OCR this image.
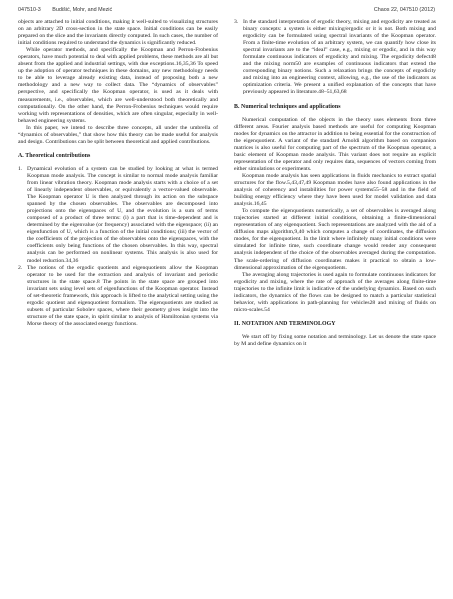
047510-3 Budišić, Mohr, and Mezić	Chaos 22, 047510 (2012)

objects are attached to initial conditions, making it well-suited to visualizing structures on an arbitrary 2D cross-section in the state space. Initial conditions can be easily prepared on the slice and the invariants directly computed. In such cases, the number of initial conditions required to understand the dynamics is significantly reduced.

While operator methods, and specifically the Koopman and Perron-Frobenius operators, have much potential to deal with applied problems, these methods are all but absent from the applied and industrial settings, with due exceptions.16,35,36 To speed up the adoption of operator techniques in these domains, any new methodology needs to be able to leverage already existing data, instead of proposing both a new methodology and a new way to collect data. The “dynamics of observables” perspective, and specifically the Koopman operator, is used as it deals with measurements, i.e., observables, which are well-understood both theoretically and computationally. On the other hand, the Perron-Frobenius techniques would require working with representations of densities, which are often singular, especially in well-behaved engineering systems.

In this paper, we intend to describe three concepts, all under the umbrella of “dynamics of observables,” that show how this theory can be made useful for analysis and design. Contributions can be split between theoretical and applied contributions.

A. Theoretical contributions
1. Dynamical evolution of a system can be studied by looking at what is termed Koopman mode analysis. The concept is similar to normal mode analysis familiar from linear vibration theory. Koopman mode analysis starts with a choice of a set of linearly independent observables, or equivalently a vector-valued observable. The Koopman operator U is then analyzed through its action on the subspace spanned by the chosen observables. The observables are decomposed into projections onto the eigenspaces of U, and the evolution is a sum of terms composed of a product of three terms: (i) a part that is time-dependent and is determined by the eigenvalue (or frequency) associated with the eigenspace; (ii) an eigenfunction of U, which is a function of the initial conditions; (iii) the vector of the coefficients of the projection of the observables onto the eigenspaces, with the coefficients only being functions of the chosen observables. In this way, spectral analysis can be performed on nonlinear systems. This analysis is also used for model reduction.34,36
2. The notions of the ergodic quotients and eigenquotients allow the Koopman operator to be used for the extraction and analysis of invariant and periodic structures in the state space.8 The points in the state space are grouped into invariant sets using level sets of eigenfunctions of the Koopman operator. Instead of set-theoretic framework, this approach is lifted to the analytical setting using the ergodic quotient and eigenquotient formalism. The eigenquotients are studied as subsets of particular Sobolev spaces, where their geometry gives insight into the structure of the state space, in spirit similar to analysis of Hamiltonian systems via Morse theory of the associated energy functions.
3. In the standard interpretation of ergodic theory, mixing and ergodicity are treated as binary concepts: a system is either mixing/ergodic or it is not. Both mixing and ergodicity can be formulated using spectral invariants of the Koopman operator. From a finite-time evolution of an arbitrary system, we can quantify how close its spectral invariants are to the “ideal” case, e.g., mixing or ergodic, and in this way formulate continuous indicators of ergodicity and mixing. The ergodicity defect48 and the mixing norm50 are examples of continuous indicators that extend the corresponding binary notions. Such a relaxation brings the concepts of ergodicity and mixing into an engineering context, allowing, e.g., the use of the indicators as optimization criteria. We present a unified explanation of the concepts that have previously appeared in literature.48–51,63,68
B. Numerical techniques and applications

Numerical computation of the objects in the theory uses elements from three different areas. Fourier analysis based methods are useful for computing Koopman modes for dynamics on the attractor in addition to being essential for the construction of the eigenquotient. A variant of the standard Arnoldi algorithm based on companion matrices is also useful for computing part of the spectrum of the Koopman operator, a basic element of Koopman mode analysis. This variant does not require an explicit representation of the operator and only requires data, sequences of vectors coming from either simulations or experiments.

Koopman mode analysis has seen applications in fluids mechanics to extract spatial structures for the flow.5,43,47,49 Koopman modes have also found applications in the analysis of coherency and instabilities for power systems55–58 and in the field of building energy efficiency where they have been used for model validation and data analysis.16,45

To compute the eigenquotients numerically, a set of observables is averaged along trajectories started at different initial conditions, obtaining a finite-dimensional representation of any eigenquotient. Such representations are analyzed with the aid of a diffusion maps algorithm,9,40 which computes a change of coordinates, the diffusion modes, for the eigenquotient. In the limit where infinitely many initial conditions were simulated for infinite time, such coordinate change would render any consequent analysis independent of the choice of the observables averaged during the computation. The scale-ordering of diffusion coordinates makes it practical to obtain a low-dimensional approximation of the eigenquotients.

The averaging along trajectories is used again to formulate continuous indicators for ergodicity and mixing, where the rate of approach of the averages along finite-time trajectories to the infinite limit is indicative of the underlying dynamics. Based on such indicators, the dynamics of the flows can be designed to match a particular statistical behavior, with applications in path-planning for vehicles28 and mixing of fluids on micro-scales.54

II. NOTATION AND TERMINOLOGY

We start off by fixing some notation and terminology. Let us denote the state space by M and define dynamics on it
